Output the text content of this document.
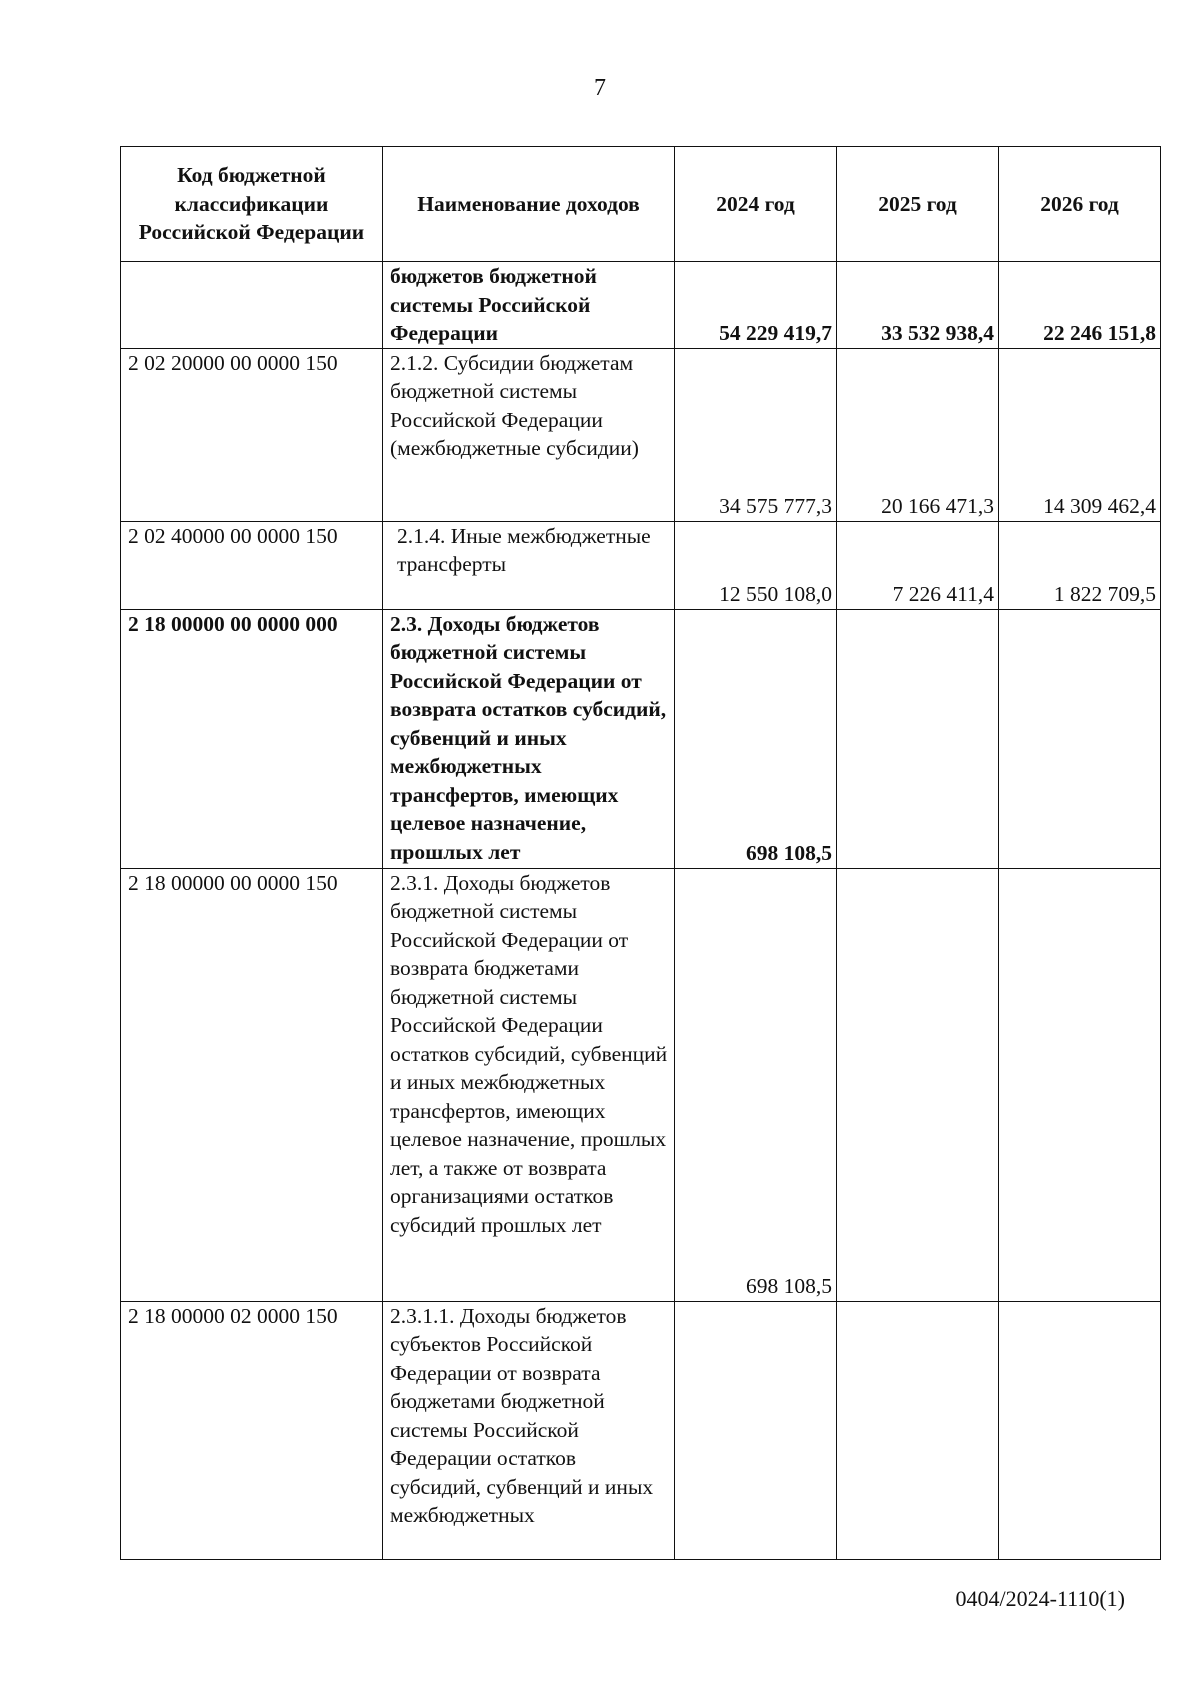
7
Код бюджетной классификации Российской Федерации	Наименование доходов	2024 год	2025 год	2026 год
	бюджетов бюджетной системы Российской Федерации	54 229 419,7	33 532 938,4	22 246 151,8
2 02 20000 00 0000 150	2.1.2. Субсидии бюджетам бюджетной системы Российской Федерации (межбюджетные субсидии)	34 575 777,3	20 166 471,3	14 309 462,4
2 02 40000 00 0000 150	2.1.4. Иные межбюджетные трансферты	12 550 108,0	7 226 411,4	1 822 709,5
2 18 00000 00 0000 000	2.3. Доходы бюджетов бюджетной системы Российской Федерации от возврата остатков субсидий, субвенций и иных межбюджетных трансфертов, имеющих целевое назначение, прошлых лет	698 108,5		
2 18 00000 00 0000 150	2.3.1. Доходы бюджетов бюджетной системы Российской Федерации от возврата бюджетами бюджетной системы Российской Федерации остатков субсидий, субвенций и иных межбюджетных трансфертов, имеющих целевое назначение, прошлых лет, а также от возврата организациями остатков субсидий прошлых лет	698 108,5		
2 18 00000 02 0000 150	2.3.1.1. Доходы бюджетов субъектов Российской Федерации от возврата бюджетами бюджетной системы Российской Федерации остатков субсидий, субвенций и иных межбюджетных			
0404/2024-1110(1)
